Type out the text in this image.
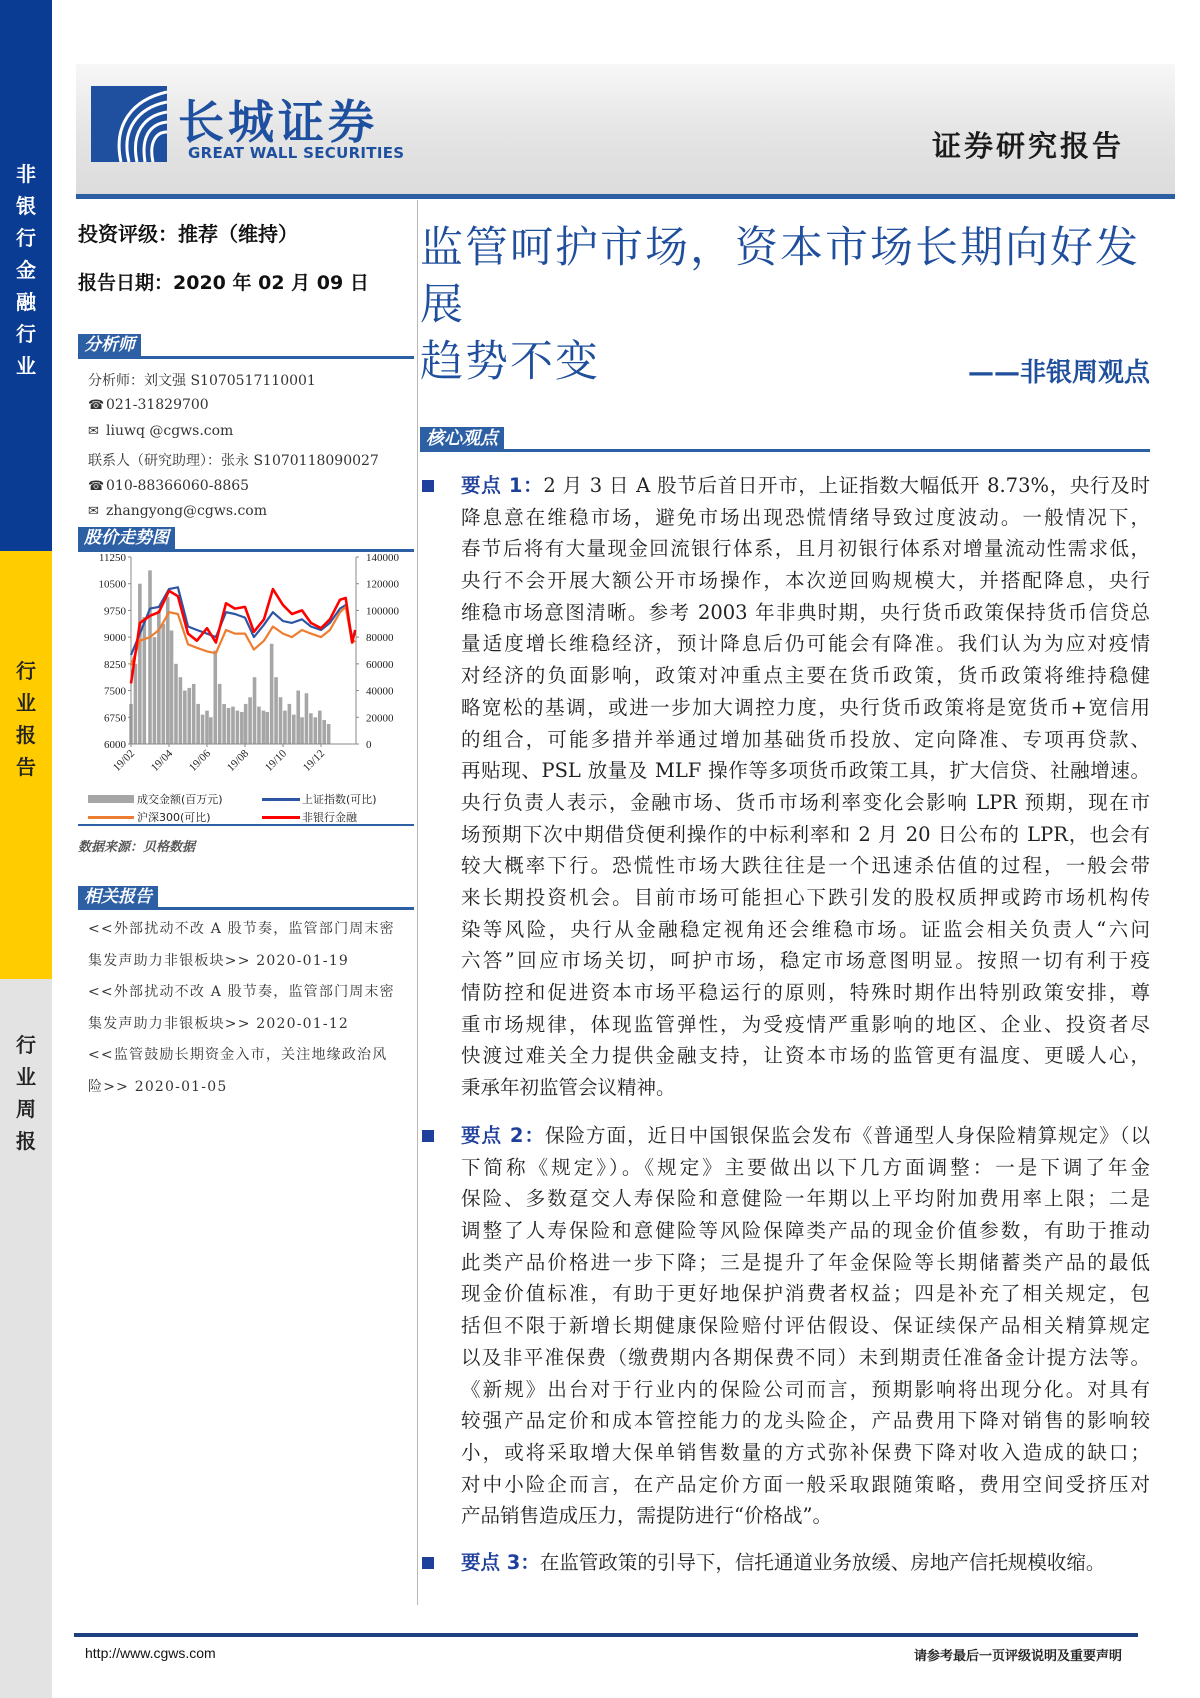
非
银
行
金
融
行
业
行
业
报
告
行
业
周
报
长城证券
GREAT WALL SECURITIES	证券研究报告
投资评级：推荐（维持）
报告日期：2020 年 02 月 09 日
分析师
分析师：刘文强 S1070517110001
☎ 021-31829700
✉ liuwq @cgws.com
联系人（研究助理）：张永 S1070118090027
☎ 010-88366060-8865
✉ zhangyong@cgws.com
股价走势图
6000
6750
7500
8250
9000
9750
10500
11250
0
20000
40000
60000
80000
100000
120000
140000
19/02 19/04 19/06 19/08 19/10 19/12
成交金额(百万元)	上证指数(可比)
沪深300(可比)	非银行金融
数据来源：贝格数据
相关报告
<<外部扰动不改 A 股节奏，监管部门周末密
集发声助力非银板块>> 2020-01-19
<<外部扰动不改 A 股节奏，监管部门周末密
集发声助力非银板块>> 2020-01-12
<<监管鼓励长期资金入市，关注地缘政治风
险>> 2020-01-05
监管呵护市场，资本市场长期向好发展
趋势不变	——非银周观点
核心观点
要点 1：2 月 3 日 A 股节后首日开市，上证指数大幅低开 8.73%，央行及时
降息意在维稳市场，避免市场出现恐慌情绪导致过度波动。一般情况下，
春节后将有大量现金回流银行体系，且月初银行体系对增量流动性需求低，
央行不会开展大额公开市场操作，本次逆回购规模大，并搭配降息，央行
维稳市场意图清晰。参考 2003 年非典时期，央行货币政策保持货币信贷总
量适度增长维稳经济，预计降息后仍可能会有降准。我们认为为应对疫情
对经济的负面影响，政策对冲重点主要在货币政策，货币政策将维持稳健
略宽松的基调，或进一步加大调控力度，央行货币政策将是宽货币+宽信用
的组合，可能多措并举通过增加基础货币投放、定向降准、专项再贷款、
再贴现、PSL 放量及 MLF 操作等多项货币政策工具，扩大信贷、社融增速。
央行负责人表示，金融市场、货币市场利率变化会影响 LPR 预期，现在市
场预期下次中期借贷便利操作的中标利率和 2 月 20 日公布的 LPR，也会有
较大概率下行。恐慌性市场大跌往往是一个迅速杀估值的过程，一般会带
来长期投资机会。目前市场可能担心下跌引发的股权质押或跨市场机构传
染等风险，央行从金融稳定视角还会维稳市场。证监会相关负责人“六问
六答”回应市场关切，呵护市场，稳定市场意图明显。按照一切有利于疫
情防控和促进资本市场平稳运行的原则，特殊时期作出特别政策安排，尊
重市场规律，体现监管弹性，为受疫情严重影响的地区、企业、投资者尽
快渡过难关全力提供金融支持，让资本市场的监管更有温度、更暖人心，
秉承年初监管会议精神。
要点 2：保险方面，近日中国银保监会发布《普通型人身保险精算规定》（以
下简称《规定》）。《规定》主要做出以下几方面调整：一是下调了年金
保险、多数趸交人寿保险和意健险一年期以上平均附加费用率上限；二是
调整了人寿保险和意健险等风险保障类产品的现金价值参数，有助于推动
此类产品价格进一步下降；三是提升了年金保险等长期储蓄类产品的最低
现金价值标准，有助于更好地保护消费者权益；四是补充了相关规定，包
括但不限于新增长期健康保险赔付评估假设、保证续保产品相关精算规定
以及非平准保费（缴费期内各期保费不同）未到期责任准备金计提方法等。
《新规》出台对于行业内的保险公司而言，预期影响将出现分化。对具有
较强产品定价和成本管控能力的龙头险企，产品费用下降对销售的影响较
小，或将采取增大保单销售数量的方式弥补保费下降对收入造成的缺口；
对中小险企而言，在产品定价方面一般采取跟随策略，费用空间受挤压对
产品销售造成压力，需提防进行“价格战”。
要点 3：在监管政策的引导下，信托通道业务放缓、房地产信托规模收缩。
http://www.cgws.com	请参考最后一页评级说明及重要声明
